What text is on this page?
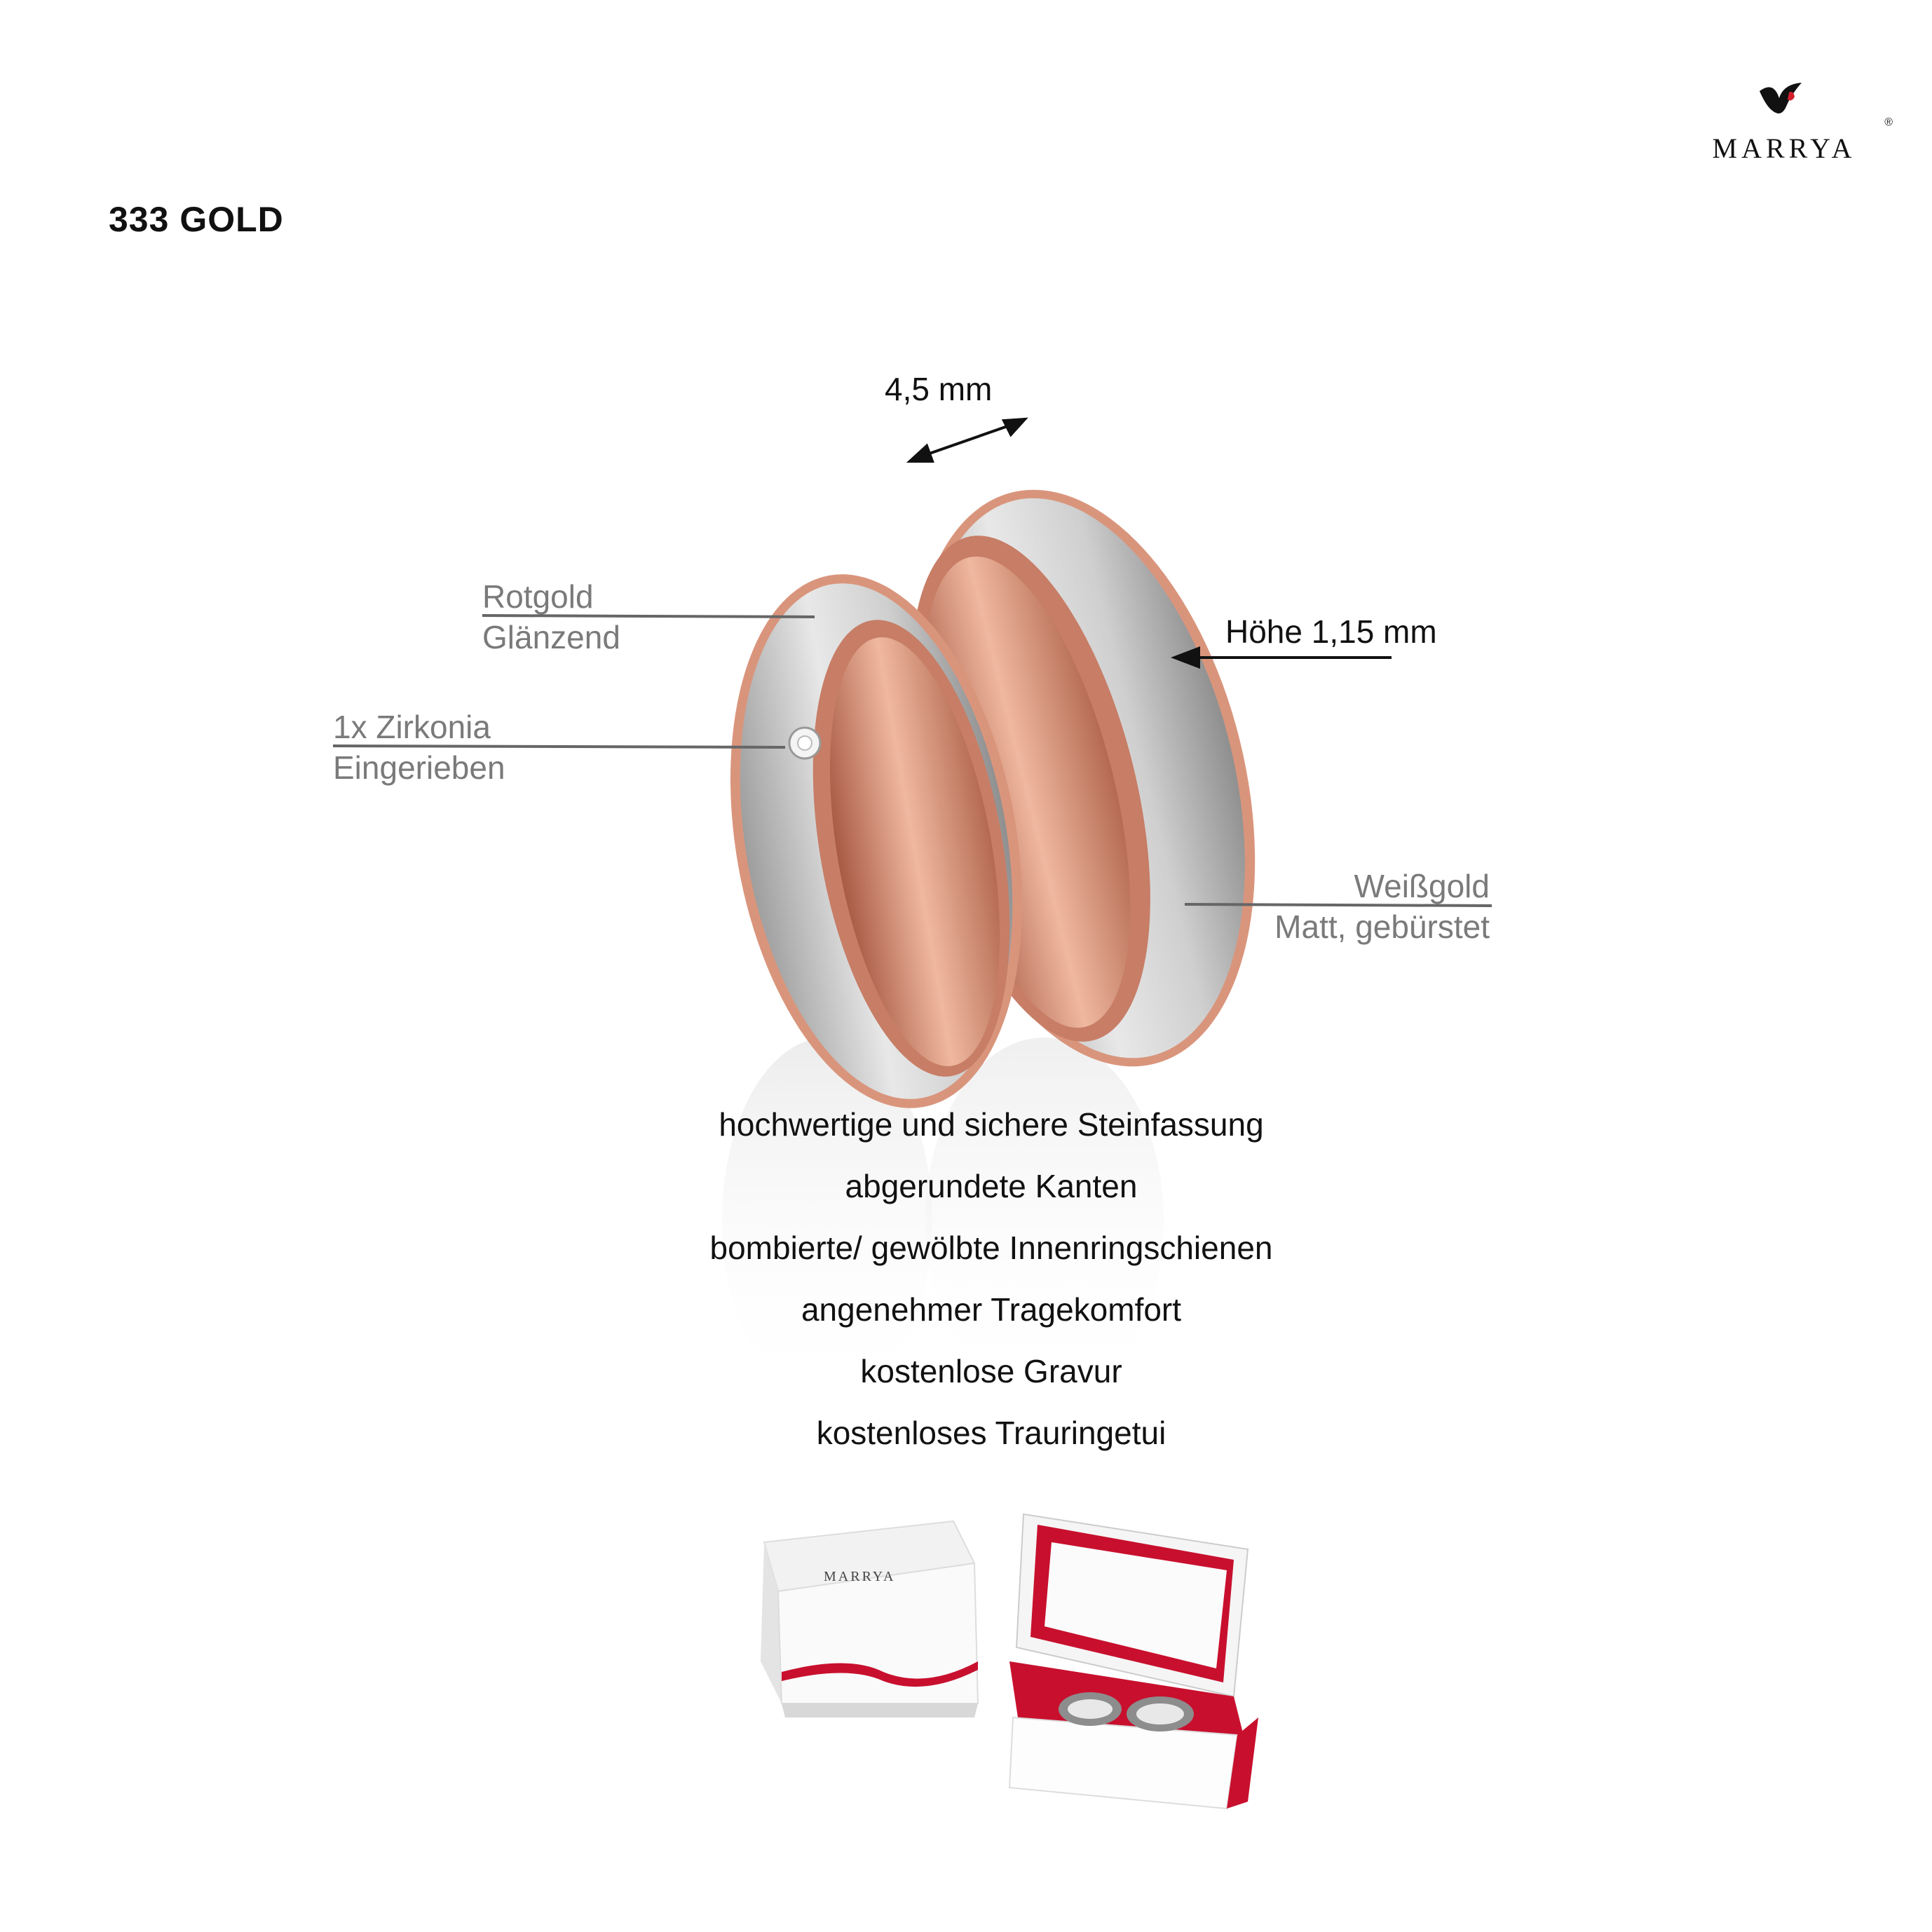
MARRYA
®
333 GOLD
4,5 mm
Höhe 1,15 mm
Rotgold
Glänzend
1x Zirkonia
Eingerieben
Weißgold
Matt, gebürstet
hochwertige und sichere Steinfassung
abgerundete Kanten
bombierte/ gewölbte Innenringschienen
angenehmer Tragekomfort
kostenlose Gravur
kostenloses Trauringetui
MARRYA
